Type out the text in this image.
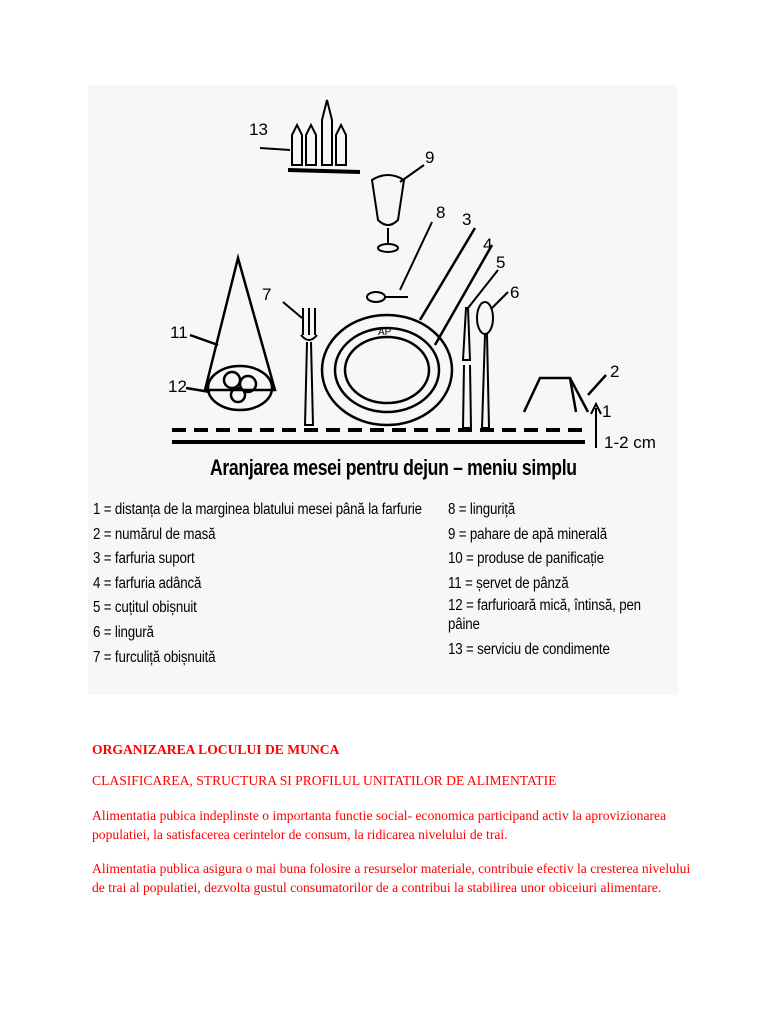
13
9
8
7
AP
3
4
5
6
11
12
2
1
1-2 cm
Aranjarea mesei pentru dejun – meniu simplu
1 = distanța de la marginea blatului mesei până la farfurie
2 = numărul de masă
3 = farfuria suport
4 = farfuria adâncă
5 = cuțitul obișnuit
6 = lingură
7 = furculiță obișnuită
8 = linguriță
9 = pahare de apă minerală
10 = produse de panificație
11 = șervet de pânză
12 = farfurioară mică, întinsă, pen pâine
13 = serviciu de condimente
ORGANIZAREA LOCULUI DE MUNCA
CLASIFICAREA, STRUCTURA SI PROFILUL UNITATILOR DE ALIMENTATIE
Alimentatia pubica indeplinste o importanta functie social- economica participand activ la aprovizionarea populatiei, la satisfacerea cerintelor de consum, la ridicarea nivelului de trai.
Alimentatia publica asigura o mai buna folosire a resurselor materiale, contribuie efectiv la cresterea nivelului de trai al populatiei, dezvolta gustul consumatorilor de a contribui la stabilirea unor obiceiuri alimentare.
